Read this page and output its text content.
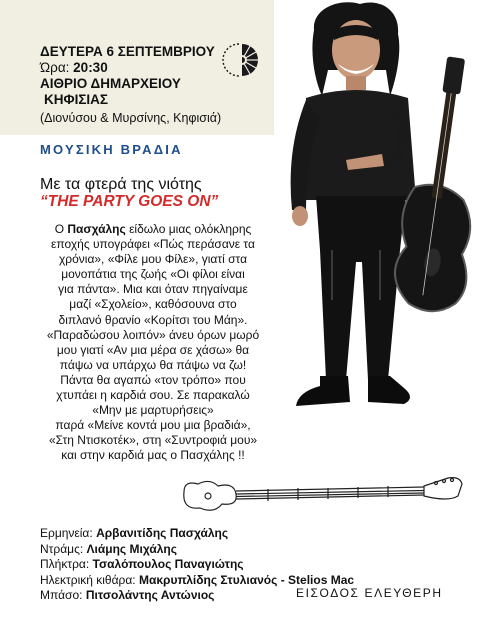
ΔΕΥΤΕΡΑ 6 ΣΕΠΤΕΜΒΡΙΟΥ
Ώρα: 20:30
ΑΙΘΡΙΟ ΔΗΜΑΡΧΕΙΟΥ
ΚΗΦΙΣΙΑΣ
(Διονύσου & Μυρσίνης, Κηφισιά)
ΜΟΥΣΙΚΗ ΒΡΑΔΙΑ
Με τα φτερά της νιότης
“THE PARTY GOES ON”
Ο Πασχάλης είδωλο μιας ολόκληρης
εποχής υπογράφει «Πώς περάσανε τα
χρόνια», «Φίλε μου Φίλε», γιατί στα
μονοπάτια της ζωής «Οι φίλοι είναι
για πάντα». Μια και όταν πηγαίναμε
μαζί «Σχολείο», καθόσουνα στο
διπλανό θρανίο «Κορίτσι του Μάη».
«Παραδώσου λοιπόν» άνευ όρων μωρό
μου γιατί «Αν μια μέρα σε χάσω» θα
πάψω να υπάρχω θα πάψω να ζω!
Πάντα θα αγαπώ «τον τρόπο» που
χτυπάει η καρδιά σου. Σε παρακαλώ
«Μην με μαρτυρήσεις»
παρά «Μείνε κοντά μου μια βραδιά»,
«Στη Ντισκοτέκ», στη «Συντροφιά μου»
και στην καρδιά μας ο Πασχάλης !!
Ερμηνεία: Αρβανιτίδης Πασχάλης
Ντράμς: Λιάμης Μιχάλης
Πλήκτρα: Τσαλόπουλος Παναγιώτης
Ηλεκτρική κιθάρα: Μακρυπλίδης Στυλιανός - Stelios Mac
Μπάσο: Πιτσολάντης Αντώνιος	ΕΙΣΟΔΟΣ ΕΛΕΥΘΕΡΗ
